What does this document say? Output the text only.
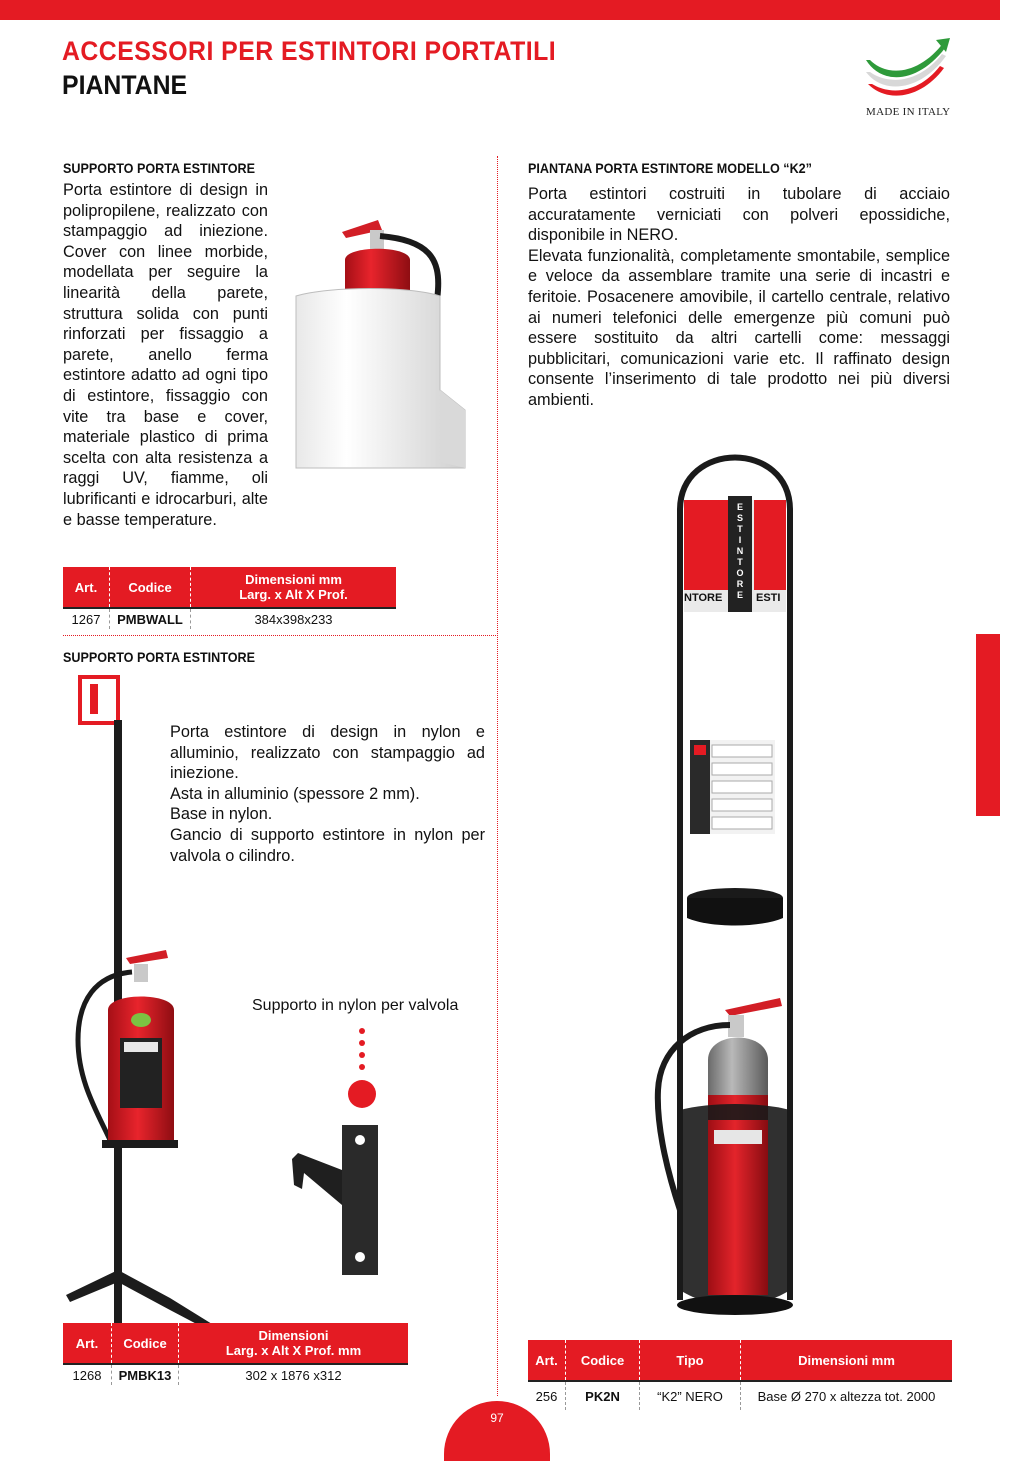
ACCESSORI PER ESTINTORI PORTATILI
PIANTANE
MADE IN ITALY
SUPPORTO PORTA ESTINTORE

Porta estintore di design in polipropilene, realizzato con stampaggio ad iniezione. Cover con linee morbide, modellata per seguire la linearità della parete, struttura solida con punti rinforzati per fissaggio a parete, anello ferma estintore adatto ad ogni tipo di estintore, fissaggio con vite tra base e cover, materiale plastico di prima scelta con alta resistenza a raggi UV, fiamme, oli lubrificanti e idrocarburi, alte e basse temperature.

Art.	Codice	Dimensioni mm
Larg. x Alt X Prof.

1267	PMBWALL	384x398x233
SUPPORTO PORTA ESTINTORE

Porta estintore di design in nylon e alluminio, realizzato con stampaggio ad iniezione.

Asta in alluminio (spessore 2 mm).

Base in nylon.

Gancio di supporto estintore in nylon per valvola o cilindro.

Supporto in nylon per valvola
Art.	Codice	Dimensioni
Larg. x Alt X Prof. mm

1268	PMBK13	302 x 1876 x312
PIANTANA PORTA ESTINTORE MODELLO “K2”

Porta estintori costruiti in tubolare di acciaio accuratamente verniciati con polveri epossidiche, disponibile in NERO.

Elevata funzionalità, completamente smontabile, semplice e veloce da assemblare tramite una serie di incastri e feritoie. Posacenere amovibile, il cartello centrale, relativo ai numeri telefonici delle emergenze più comuni può essere sostituito da altri cartelli come: messaggi pubblicitari, comunicazioni varie etc. Il raffinato design consente l’inserimento di tale prodotto nei più diversi ambienti.

E S T I N T O R E
NTORE	ESTI
Art.	Codice	Tipo	Dimensioni mm
256	PK2N	“K2” NERO	Base Ø 270 x altezza tot. 2000
97
